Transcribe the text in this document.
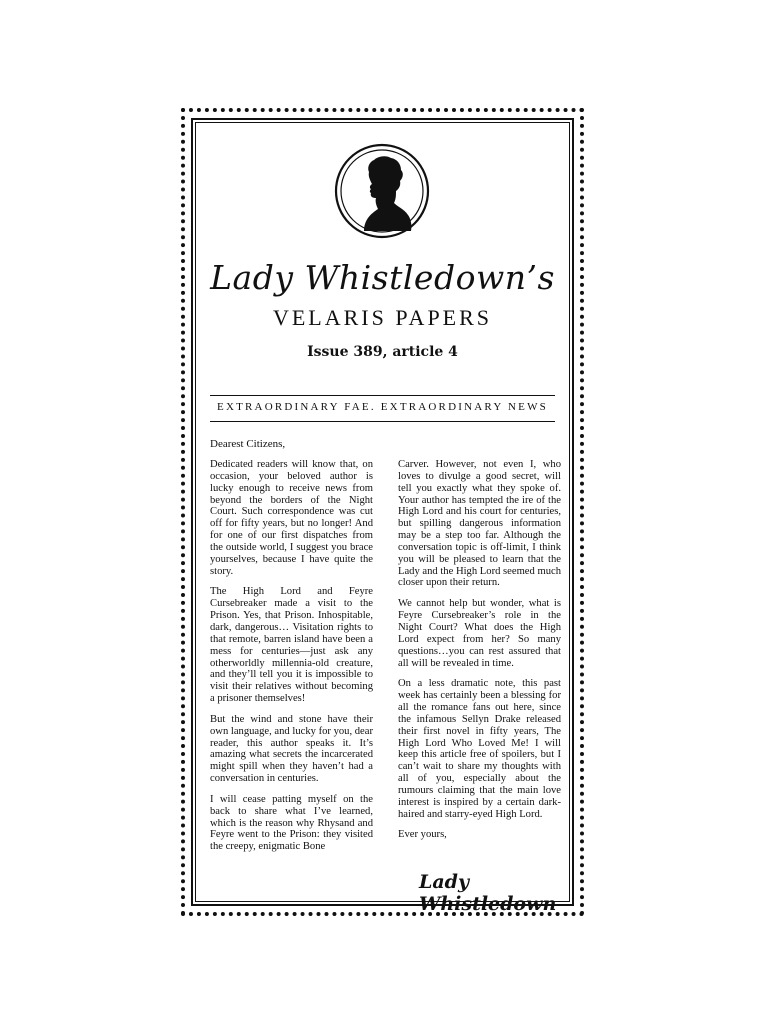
Lady Whistledown’s
VELARIS PAPERS
Issue 389, article 4
EXTRAORDINARY FAE. EXTRAORDINARY NEWS
Dearest Citizens,

Dedicated readers will know that, on occasion, your beloved author is lucky enough to receive news from beyond the borders of the Night Court. Such correspondence was cut off for fifty years, but no longer! And for one of our first dispatches from the outside world, I suggest you brace yourselves, because I have quite the story.

The High Lord and Feyre Cursebreaker made a visit to the Prison. Yes, that Prison. Inhospitable, dark, dangerous… Visitation rights to that remote, barren island have been a mess for centuries—just ask any otherworldly millennia-old creature, and they’ll tell you it is impossible to visit their relatives without becoming a prisoner themselves!

But the wind and stone have their own language, and lucky for you, dear reader, this author speaks it. It’s amazing what secrets the incarcerated might spill when they haven’t had a conversation in centuries.

I will cease patting myself on the back to share what I’ve learned, which is the reason why Rhysand and Feyre went to the Prison: they visited the creepy, enigmatic Bone

Carver. However, not even I, who loves to divulge a good secret, will tell you exactly what they spoke of. Your author has tempted the ire of the High Lord and his court for centuries, but spilling dangerous information may be a step too far. Although the conversation topic is off-limit, I think you will be pleased to learn that the Lady and the High Lord seemed much closer upon their return.

We cannot help but wonder, what is Feyre Cursebreaker’s role in the Night Court? What does the High Lord expect from her? So many questions…you can rest assured that all will be revealed in time.

On a less dramatic note, this past week has certainly been a blessing for all the romance fans out here, since the infamous Sellyn Drake released their first novel in fifty years, The High Lord Who Loved Me! I will keep this article free of spoilers, but I can’t wait to share my thoughts with all of you, especially about the rumours claiming that the main love interest is inspired by a certain dark-haired and starry-eyed High Lord.

Ever yours,

Lady Whistledown
